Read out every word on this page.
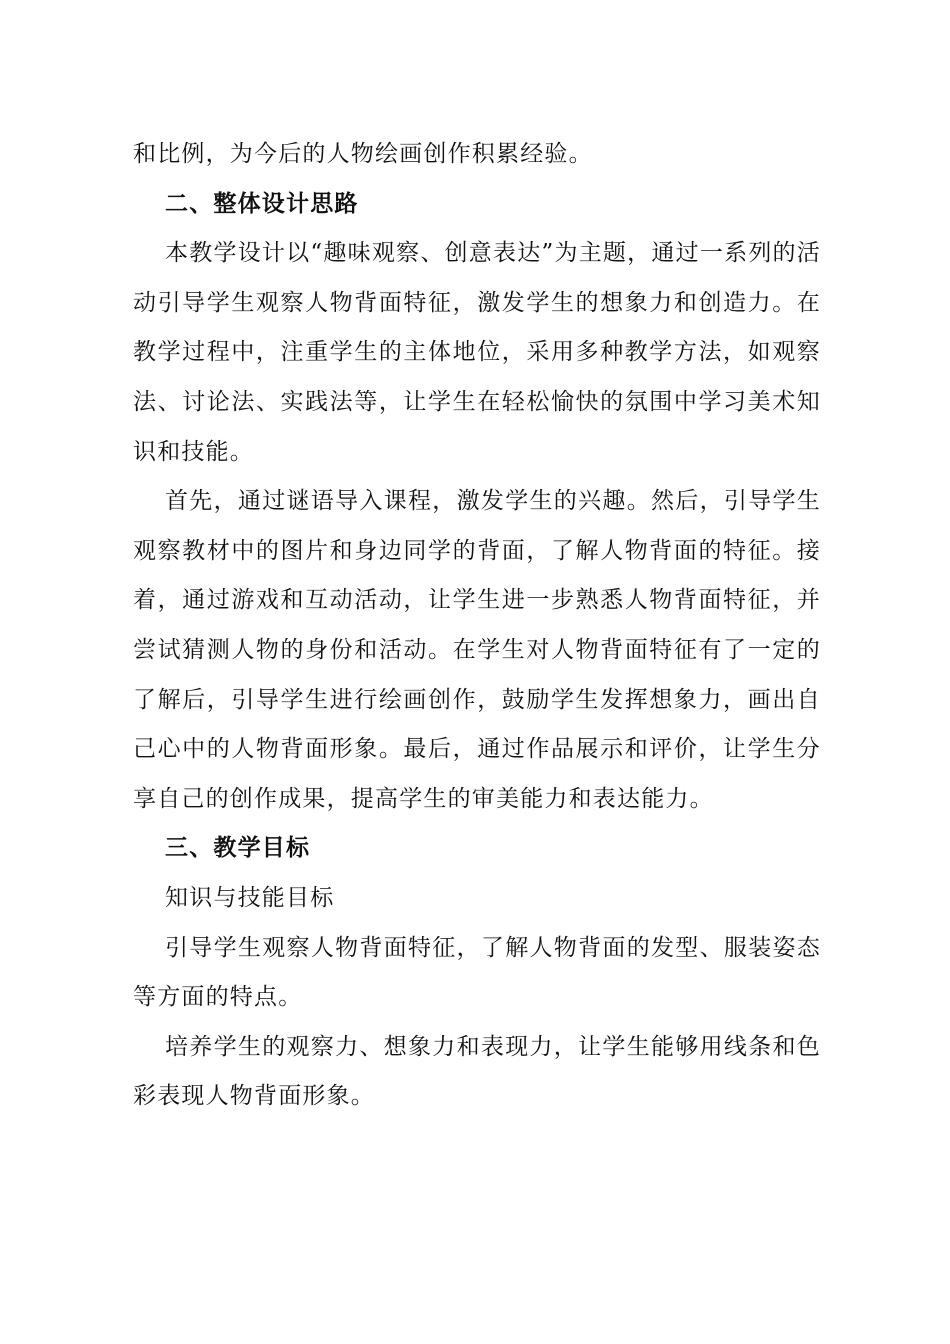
和比例，为今后的人物绘画创作积累经验。

二、整体设计思路

本教学设计以“趣味观察、创意表达”为主题，通过一系列的活动引导学生观察人物背面特征，激发学生的想象力和创造力。在教学过程中，注重学生的主体地位，采用多种教学方法，如观察法、讨论法、实践法等，让学生在轻松愉快的氛围中学习美术知识和技能。

首先，通过谜语导入课程，激发学生的兴趣。然后，引导学生观察教材中的图片和身边同学的背面，了解人物背面的特征。接着，通过游戏和互动活动，让学生进一步熟悉人物背面特征，并尝试猜测人物的身份和活动。在学生对人物背面特征有了一定的了解后，引导学生进行绘画创作，鼓励学生发挥想象力，画出自己心中的人物背面形象。最后，通过作品展示和评价，让学生分享自己的创作成果，提高学生的审美能力和表达能力。

三、教学目标

知识与技能目标

引导学生观察人物背面特征，了解人物背面的发型、服装姿态等方面的特点。

培养学生的观察力、想象力和表现力，让学生能够用线条和色彩表现人物背面形象。
